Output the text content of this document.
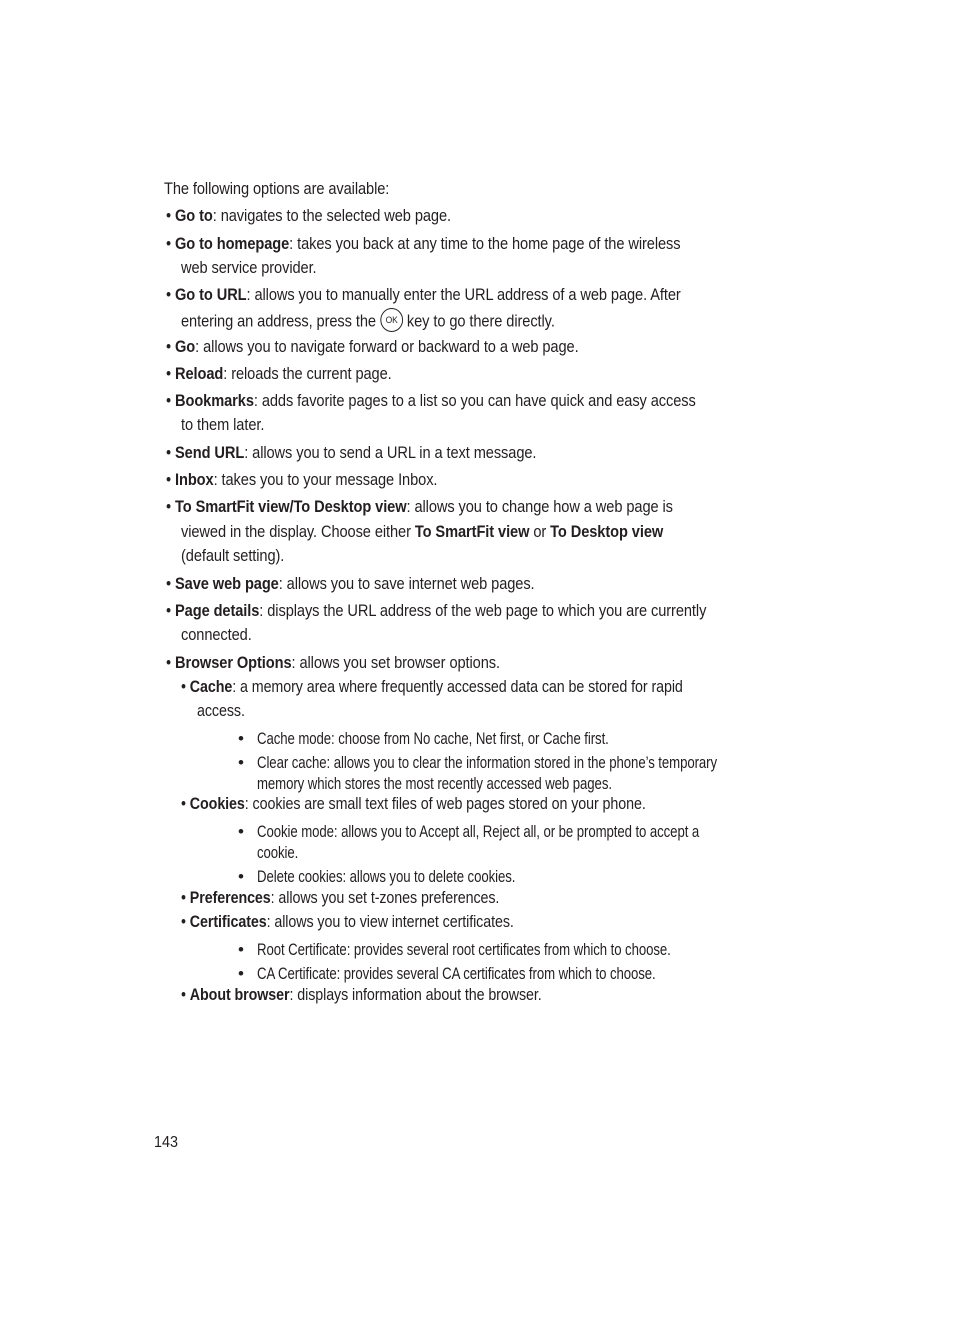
The following options are available:
• Go to: navigates to the selected web page.
• Go to homepage: takes you back at any time to the home page of the wireless
web service provider.
• Go to URL: allows you to manually enter the URL address of a web page. After
entering an address, press the OK key to go there directly.
• Go: allows you to navigate forward or backward to a web page.
• Reload: reloads the current page.
• Bookmarks: adds favorite pages to a list so you can have quick and easy access
to them later.
• Send URL: allows you to send a URL in a text message.
• Inbox: takes you to your message Inbox.
• To SmartFit view/To Desktop view: allows you to change how a web page is
viewed in the display. Choose either To SmartFit view or To Desktop view
(default setting).
• Save web page: allows you to save internet web pages.
• Page details: displays the URL address of the web page to which you are currently
connected.
• Browser Options: allows you set browser options.
• Cache: a memory area where frequently accessed data can be stored for rapid
access.
• Cache mode: choose from No cache, Net first, or Cache first.
• Clear cache: allows you to clear the information stored in the phone’s temporary
memory which stores the most recently accessed web pages.
• Cookies: cookies are small text files of web pages stored on your phone.
• Cookie mode: allows you to Accept all, Reject all, or be prompted to accept a
cookie.
• Delete cookies: allows you to delete cookies.
• Preferences: allows you set t-zones preferences.
• Certificates: allows you to view internet certificates.
• Root Certificate: provides several root certificates from which to choose.
• CA Certificate: provides several CA certificates from which to choose.
• About browser: displays information about the browser.
143
